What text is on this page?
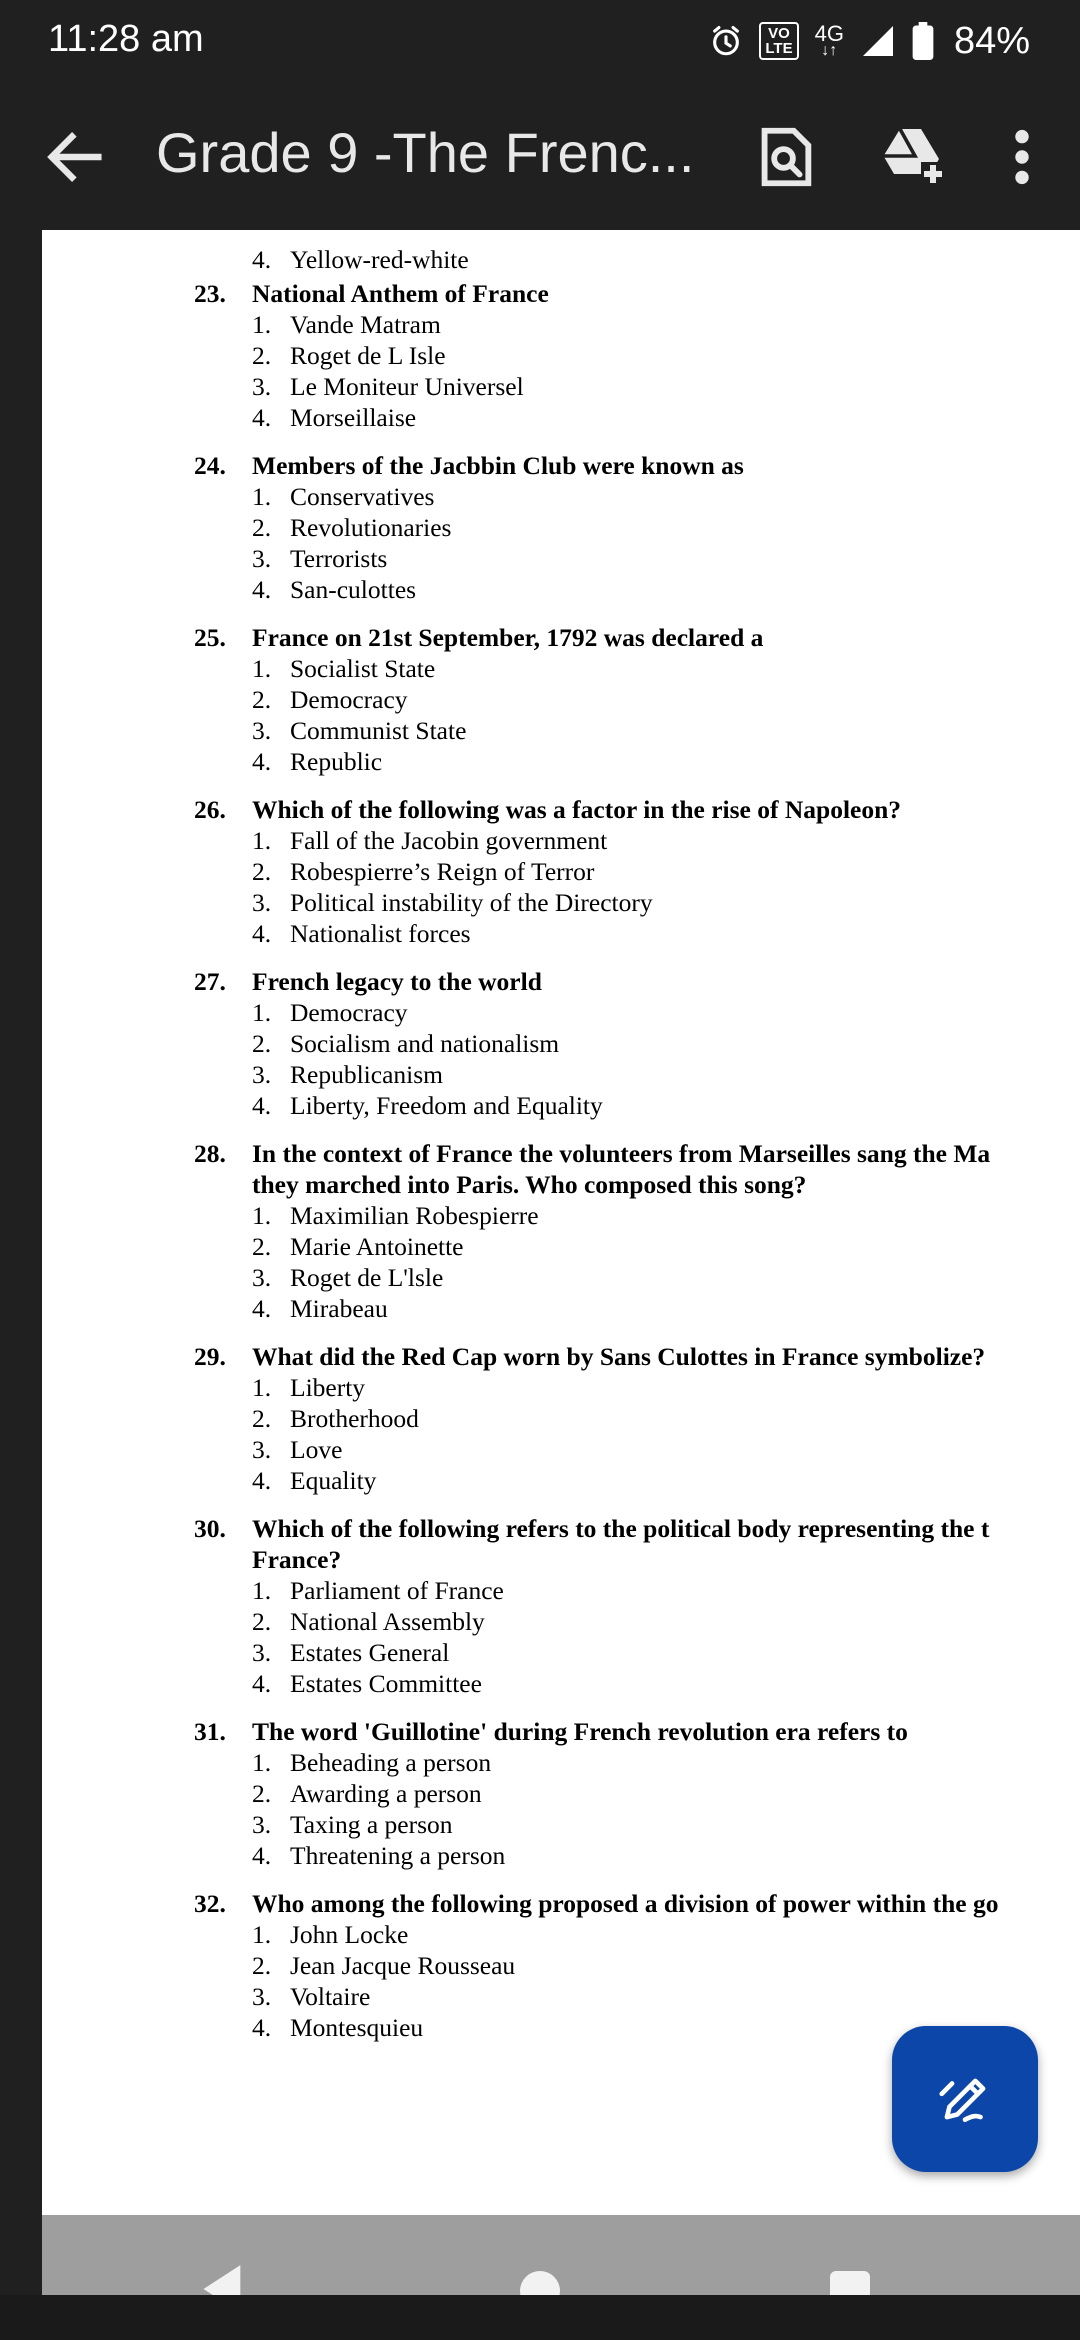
11:28 am	VO
LTE
4G
↓↑	84%
Grade 9 -The Frenc...
4. Yellow-red-white
23.	National Anthem of France
1. Vande Matram
2. Roget de L Isle
3. Le Moniteur Universel
4. Morseillaise
24.	Members of the Jacbbin Club were known as
1. Conservatives
2. Revolutionaries
3. Terrorists
4. San-culottes
25.	France on 21st September, 1792 was declared a
1. Socialist State
2. Democracy
3. Communist State
4. Republic
26.	Which of the following was a factor in the rise of Napoleon?
1. Fall of the Jacobin government
2. Robespierre’s Reign of Terror
3. Political instability of the Directory
4. Nationalist forces
27.	French legacy to the world
1. Democracy
2. Socialism and nationalism
3. Republicanism
4. Liberty, Freedom and Equality
28.	In the context of France the volunteers from Marseilles sang the Ma
they marched into Paris. Who composed this song?
1. Maximilian Robespierre
2. Marie Antoinette
3. Roget de L'lsle
4. Mirabeau
29.	What did the Red Cap worn by Sans Culottes in France symbolize?
1. Liberty
2. Brotherhood
3. Love
4. Equality
30.	Which of the following refers to the political body representing the t
France?
1. Parliament of France
2. National Assembly
3. Estates General
4. Estates Committee
31.	The word 'Guillotine' during French revolution era refers to
1. Beheading a person
2. Awarding a person
3. Taxing a person
4. Threatening a person
32.	Who among the following proposed a division of power within the go
1. John Locke
2. Jean Jacque Rousseau
3. Voltaire
4. Montesquieu
